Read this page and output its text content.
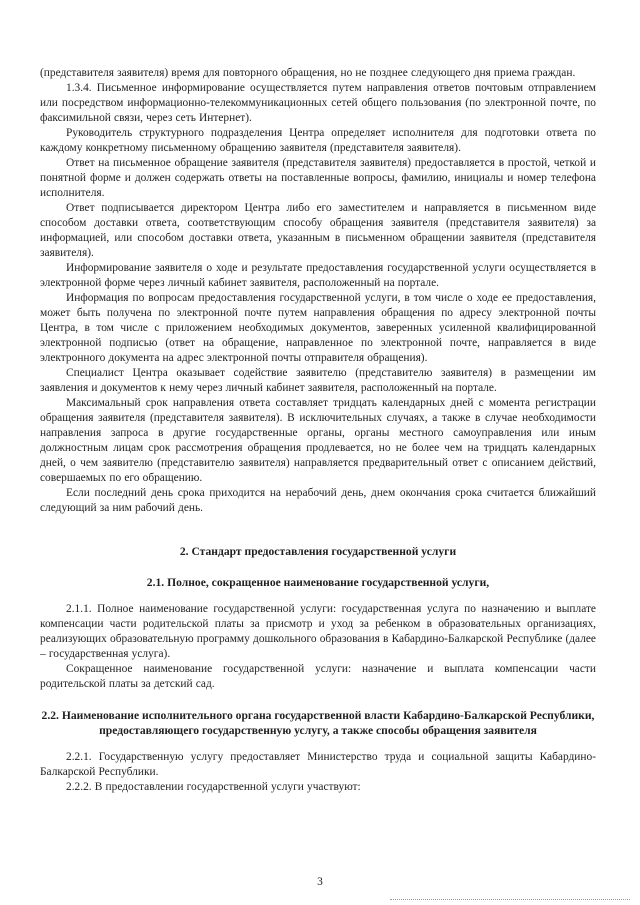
(представителя заявителя) время для повторного обращения, но не позднее следующего дня приема граждан.

1.3.4. Письменное информирование осуществляется путем направления ответов почтовым отправлением или посредством информационно-телекоммуникационных сетей общего пользования (по электронной почте, по факсимильной связи, через сеть Интернет).

Руководитель структурного подразделения Центра определяет исполнителя для подготовки ответа по каждому конкретному письменному обращению заявителя (представителя заявителя).

Ответ на письменное обращение заявителя (представителя заявителя) предоставляется в простой, четкой и понятной форме и должен содержать ответы на поставленные вопросы, фамилию, инициалы и номер телефона исполнителя.

Ответ подписывается директором Центра либо его заместителем и направляется в письменном виде способом доставки ответа, соответствующим способу обращения заявителя (представителя заявителя) за информацией, или способом доставки ответа, указанным в письменном обращении заявителя (представителя заявителя).

Информирование заявителя о ходе и результате предоставления государственной услуги осуществляется в электронной форме через личный кабинет заявителя, расположенный на портале.

Информация по вопросам предоставления государственной услуги, в том числе о ходе ее предоставления, может быть получена по электронной почте путем направления обращения по адресу электронной почты Центра, в том числе с приложением необходимых документов, заверенных усиленной квалифицированной электронной подписью (ответ на обращение, направленное по электронной почте, направляется в виде электронного документа на адрес электронной почты отправителя обращения).

Специалист Центра оказывает содействие заявителю (представителю заявителя) в размещении им заявления и документов к нему через личный кабинет заявителя, расположенный на портале.

Максимальный срок направления ответа составляет тридцать календарных дней с момента регистрации обращения заявителя (представителя заявителя). В исключительных случаях, а также в случае необходимости направления запроса в другие государственные органы, органы местного самоуправления или иным должностным лицам срок рассмотрения обращения продлевается, но не более чем на тридцать календарных дней, о чем заявителю (представителю заявителя) направляется предварительный ответ с описанием действий, совершаемых по его обращению.

Если последний день срока приходится на нерабочий день, днем окончания срока считается ближайший следующий за ним рабочий день.

2. Стандарт предоставления государственной услуги
2.1. Полное, сокращенное наименование государственной услуги,

2.1.1. Полное наименование государственной услуги: государственная услуга по назначению и выплате компенсации части родительской платы за присмотр и уход за ребенком в образовательных организациях, реализующих образовательную программу дошкольного образования в Кабардино-Балкарской Республике (далее – государственная услуга).

Сокращенное наименование государственной услуги: назначение и выплата компенсации части родительской платы за детский сад.

2.2. Наименование исполнительного органа государственной власти Кабардино-Балкарской Республики, предоставляющего государственную услугу, а также способы обращения заявителя

2.2.1. Государственную услугу предоставляет Министерство труда и социальной защиты Кабардино-Балкарской Республики.

2.2.2. В предоставлении государственной услуги участвуют:

3
